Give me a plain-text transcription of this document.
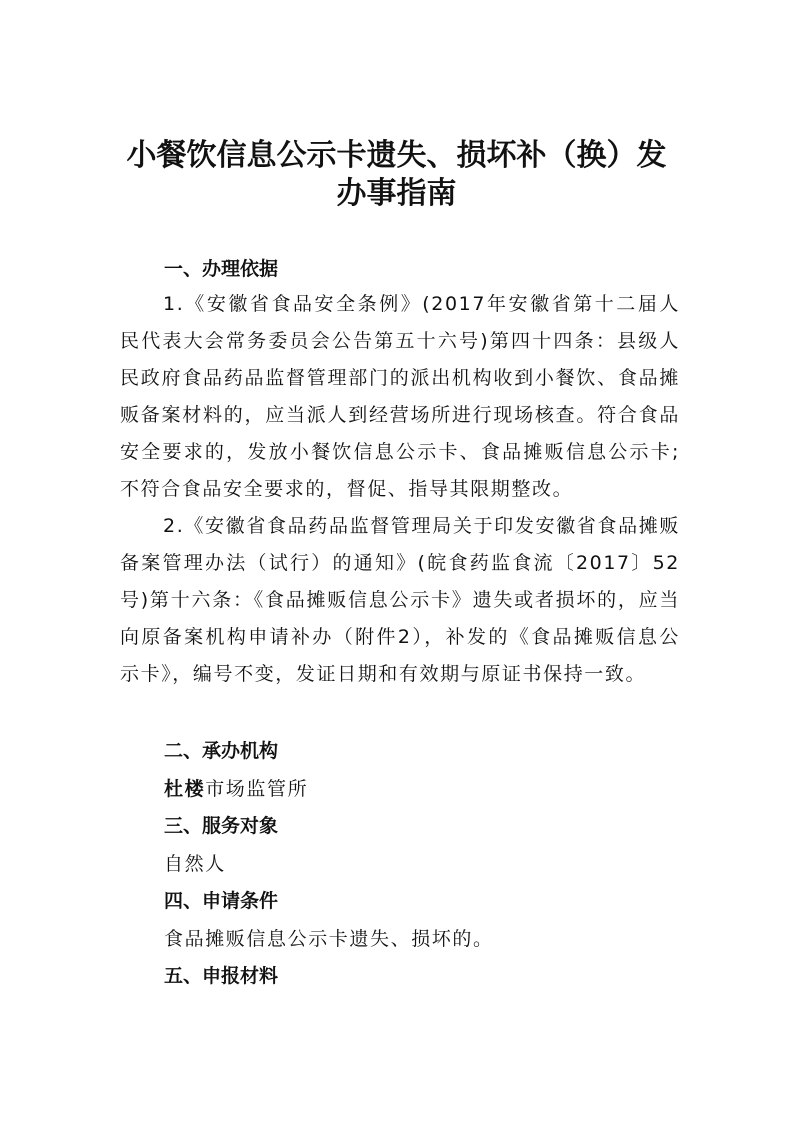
小餐饮信息公示卡遗失、损坏补（换）发
办事指南
一、办理依据
1.《安徽省食品安全条例》(2017年安徽省第十二届人民代表大会常务委员会公告第五十六号)第四十四条：县级人民政府食品药品监督管理部门的派出机构收到小餐饮、食品摊贩备案材料的，应当派人到经营场所进行现场核查。符合食品安全要求的，发放小餐饮信息公示卡、食品摊贩信息公示卡;不符合食品安全要求的，督促、指导其限期整改。
2.《安徽省食品药品监督管理局关于印发安徽省食品摊贩备案管理办法（试行）的通知》(皖食药监食流〔2017〕52号)第十六条：《食品摊贩信息公示卡》遗失或者损坏的，应当向原备案机构申请补办（附件2），补发的《食品摊贩信息公示卡》，编号不变，发证日期和有效期与原证书保持一致。
二、承办机构
杜楼市场监管所
三、服务对象
自然人
四、申请条件
食品摊贩信息公示卡遗失、损坏的。
五、申报材料
